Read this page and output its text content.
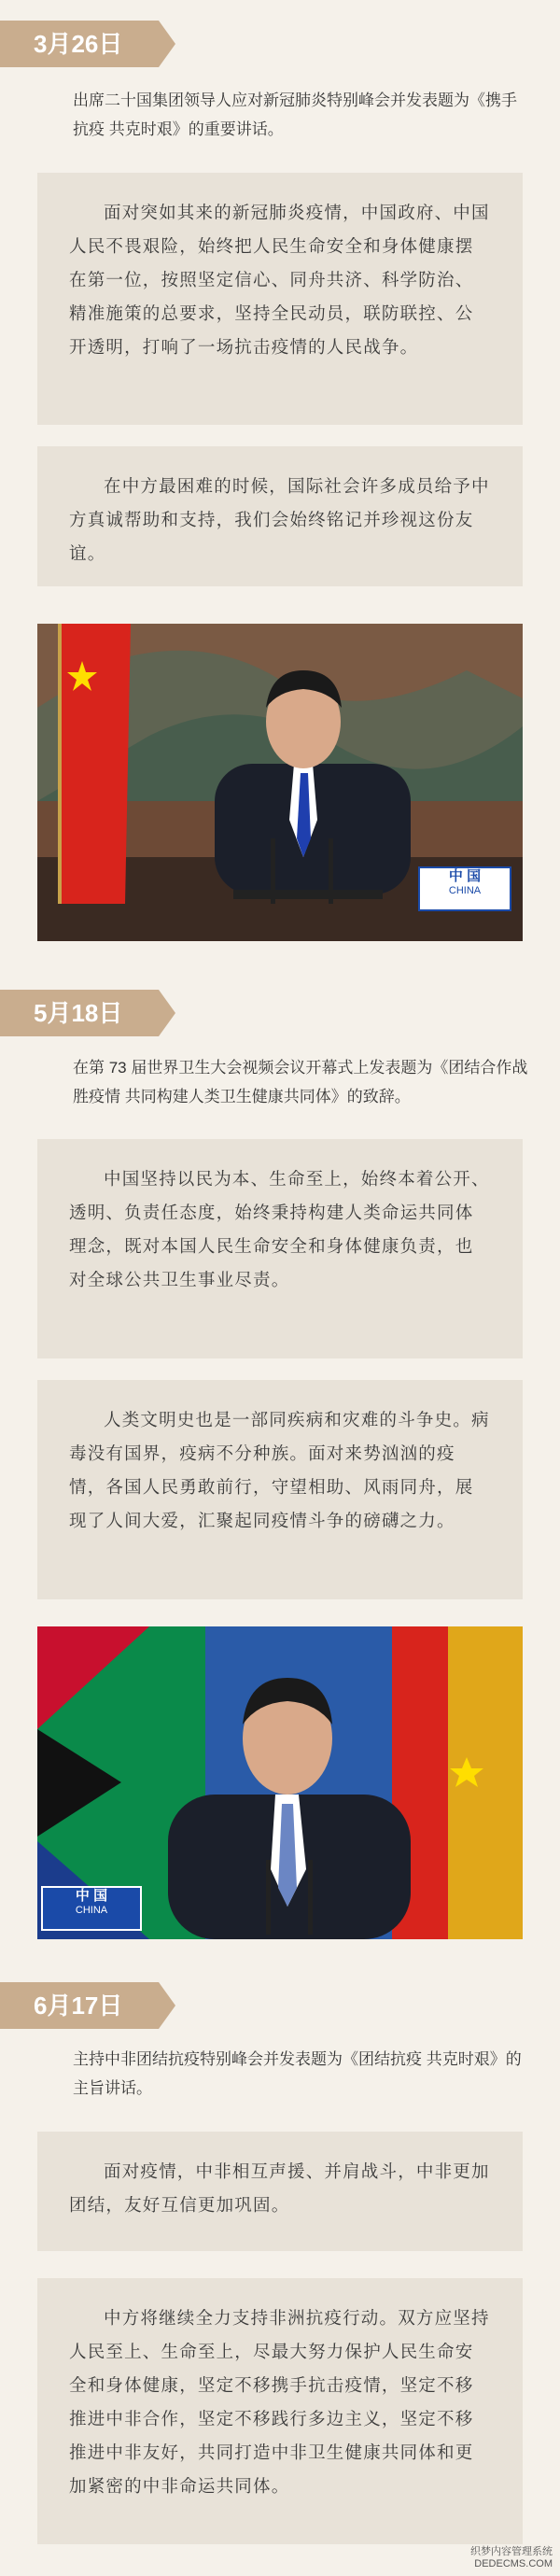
3月26日
出席二十国集团领导人应对新冠肺炎特别峰会并发表题为《携手抗疫 共克时艰》的重要讲话。
面对突如其来的新冠肺炎疫情，中国政府、中国人民不畏艰险，始终把人民生命安全和身体健康摆在第一位，按照坚定信心、同舟共济、科学防治、精准施策的总要求，坚持全民动员，联防联控、公开透明，打响了一场抗击疫情的人民战争。
在中方最困难的时候，国际社会许多成员给予中方真诚帮助和支持，我们会始终铭记并珍视这份友谊。
中 国
CHINA
5月18日
在第 73 届世界卫生大会视频会议开幕式上发表题为《团结合作战胜疫情 共同构建人类卫生健康共同体》的致辞。
中国坚持以民为本、生命至上，始终本着公开、透明、负责任态度，始终秉持构建人类命运共同体理念，既对本国人民生命安全和身体健康负责，也对全球公共卫生事业尽责。
人类文明史也是一部同疾病和灾难的斗争史。病毒没有国界，疫病不分种族。面对来势汹汹的疫情，各国人民勇敢前行，守望相助、风雨同舟，展现了人间大爱，汇聚起同疫情斗争的磅礴之力。
中 国
CHINA
6月17日
主持中非团结抗疫特别峰会并发表题为《团结抗疫 共克时艰》的主旨讲话。
面对疫情，中非相互声援、并肩战斗，中非更加团结，友好互信更加巩固。
中方将继续全力支持非洲抗疫行动。双方应坚持人民至上、生命至上，尽最大努力保护人民生命安全和身体健康，坚定不移携手抗击疫情，坚定不移推进中非合作，坚定不移践行多边主义，坚定不移推进中非友好，共同打造中非卫生健康共同体和更加紧密的中非命运共同体。
织梦内容管理系统
DEDECMS.COM
